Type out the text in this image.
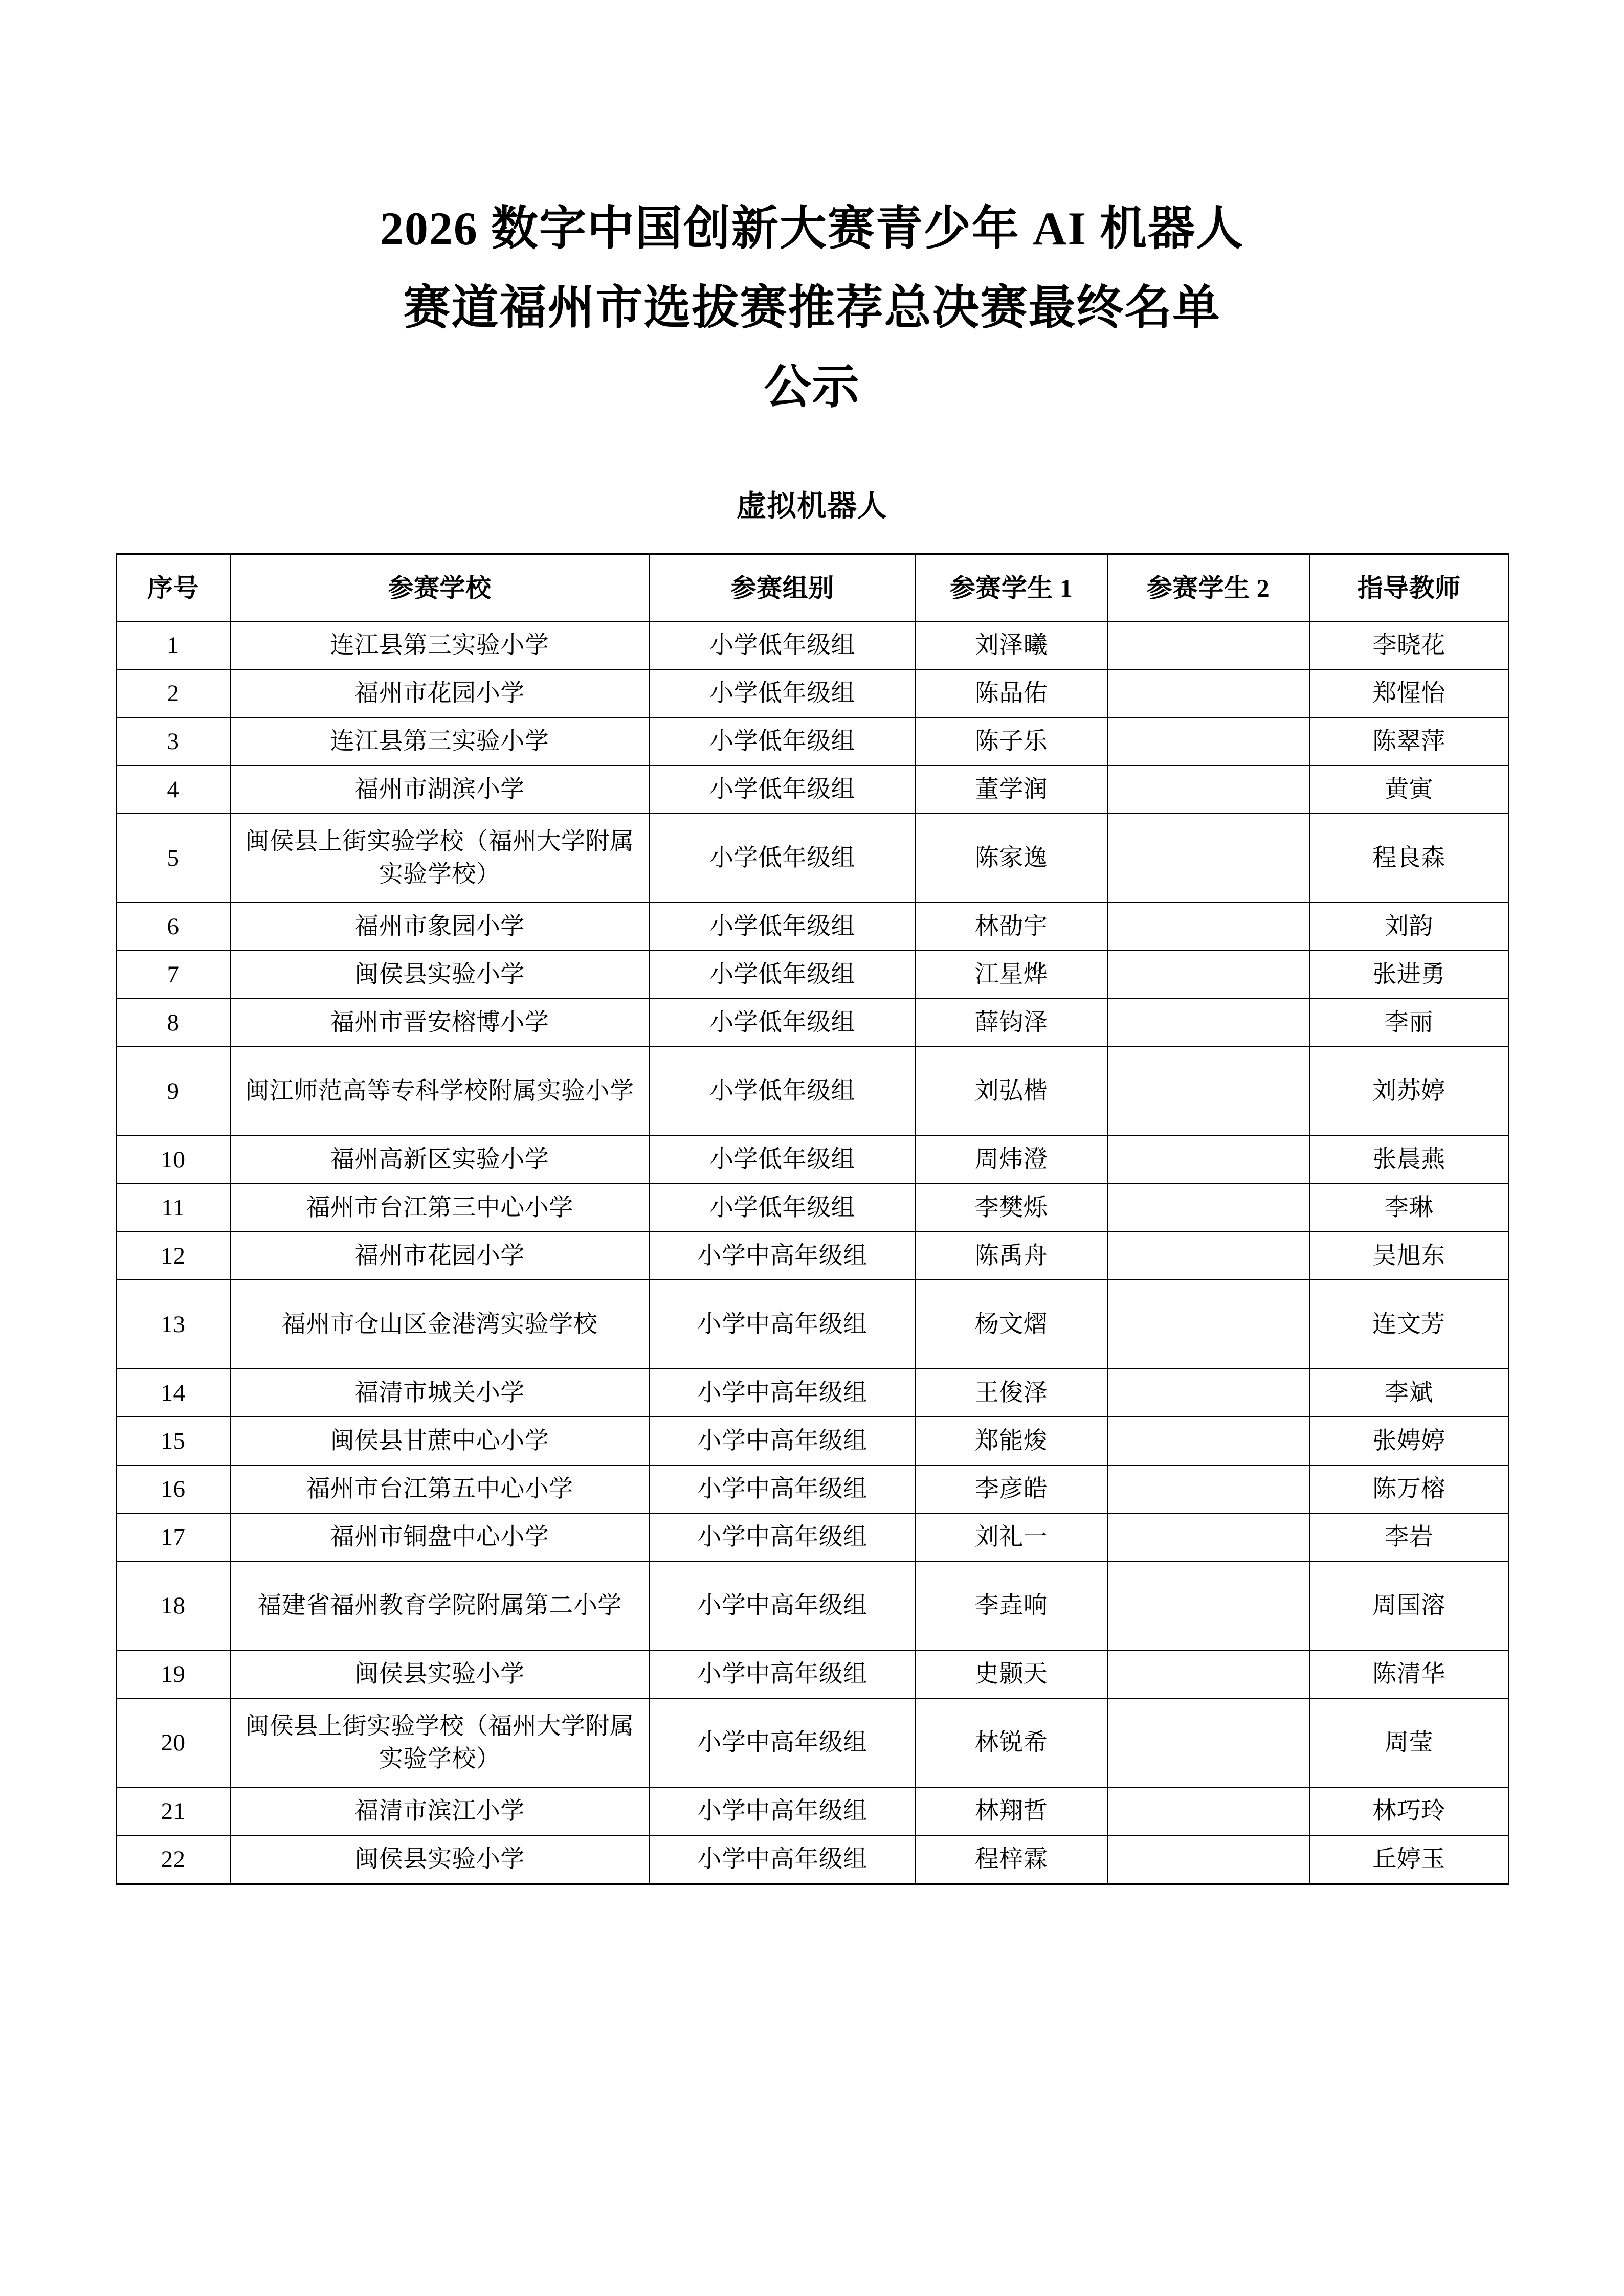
2026 数字中国创新大赛青少年 AI 机器人
赛道福州市选拔赛推荐总决赛最终名单
公示
虚拟机器人
序号	参赛学校	参赛组别	参赛学生 1	参赛学生 2	指导教师
1	连江县第三实验小学	小学低年级组	刘泽曦		李晓花
2	福州市花园小学	小学低年级组	陈品佑		郑惺怡
3	连江县第三实验小学	小学低年级组	陈子乐		陈翠萍
4	福州市湖滨小学	小学低年级组	董学润		黄寅
5	闽侯县上街实验学校（福州大学附属实验学校）	小学低年级组	陈家逸		程良森
6	福州市象园小学	小学低年级组	林劭宇		刘韵
7	闽侯县实验小学	小学低年级组	江星烨		张进勇
8	福州市晋安榕博小学	小学低年级组	薛钧泽		李丽
9	闽江师范高等专科学校附属实验小学	小学低年级组	刘弘楷		刘苏婷
10	福州高新区实验小学	小学低年级组	周炜澄		张晨燕
11	福州市台江第三中心小学	小学低年级组	李樊烁		李琳
12	福州市花园小学	小学中高年级组	陈禹舟		吴旭东
13	福州市仓山区金港湾实验学校	小学中高年级组	杨文熠		连文芳
14	福清市城关小学	小学中高年级组	王俊泽		李斌
15	闽侯县甘蔗中心小学	小学中高年级组	郑能焌		张娉婷
16	福州市台江第五中心小学	小学中高年级组	李彦皓		陈万榕
17	福州市铜盘中心小学	小学中高年级组	刘礼一		李岩
18	福建省福州教育学院附属第二小学	小学中高年级组	李垚响		周国溶
19	闽侯县实验小学	小学中高年级组	史颢天		陈清华
20	闽侯县上街实验学校（福州大学附属实验学校）	小学中高年级组	林锐希		周莹
21	福清市滨江小学	小学中高年级组	林翔哲		林巧玲
22	闽侯县实验小学	小学中高年级组	程梓霖		丘婷玉
